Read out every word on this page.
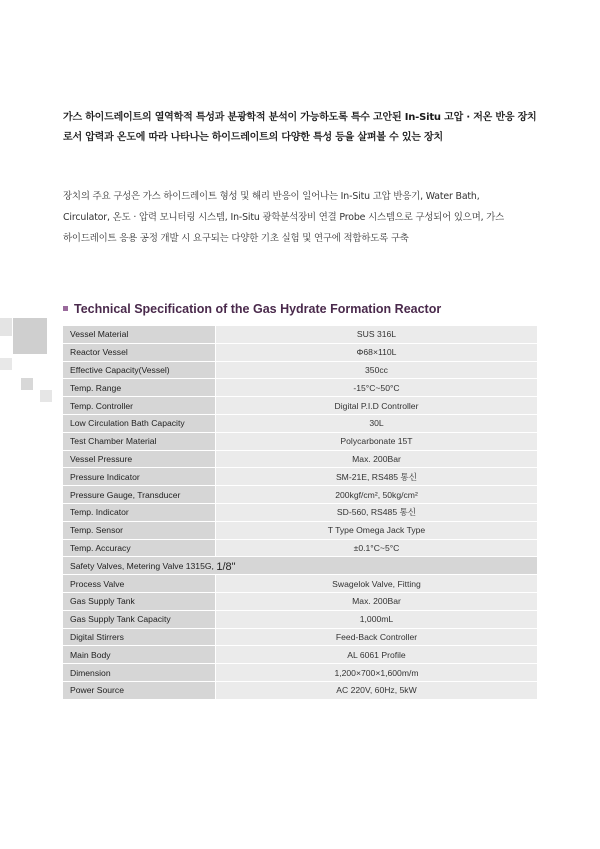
가스 하이드레이트의 열역학적 특성과 분광학적 분석이 가능하도록 특수 고안된 In-Situ 고압 · 저온 반응 장치
로서 압력과 온도에 따라 나타나는 하이드레이트의 다양한 특성 등을 살펴볼 수 있는 장치
장치의 주요 구성은 가스 하이드레이트 형성 및 해리 반응이 일어나는 In-Situ 고압 반응기, Water Bath,
Circulator, 온도 · 압력 모니터링 시스템, In-Situ 광학분석장비 연결 Probe 시스템으로 구성되어 있으며, 가스
하이드레이트 응용 공정 개발 시 요구되는 다양한 기초 실험 및 연구에 적합하도록 구축
Technical Specification of the Gas Hydrate Formation Reactor
Vessel Material	SUS 316L
Reactor Vessel	Φ68×110L
Effective Capacity(Vessel)	350cc
Temp. Range	-15°C~50°C
Temp. Controller	Digital P.I.D Controller
Low Circulation Bath Capacity	30L
Test Chamber Material	Polycarbonate 15T
Vessel Pressure	Max. 200Bar
Pressure Indicator	SM-21E, RS485 통신
Pressure Gauge, Transducer	200kgf/cm², 50kg/cm²
Temp. Indicator	SD-560, RS485 통신
Temp. Sensor	T Type Omega Jack Type
Temp. Accuracy	±0.1°C~5°C
Safety Valves, Metering Valve 1315G, 1/8"	
Process Valve	Swagelok Valve, Fitting
Gas Supply Tank	Max. 200Bar
Gas Supply Tank Capacity	1,000mL
Digital Stirrers	Feed-Back Controller
Main Body	AL 6061 Profile
Dimension	1,200×700×1,600m/m
Power Source	AC 220V, 60Hz, 5kW
